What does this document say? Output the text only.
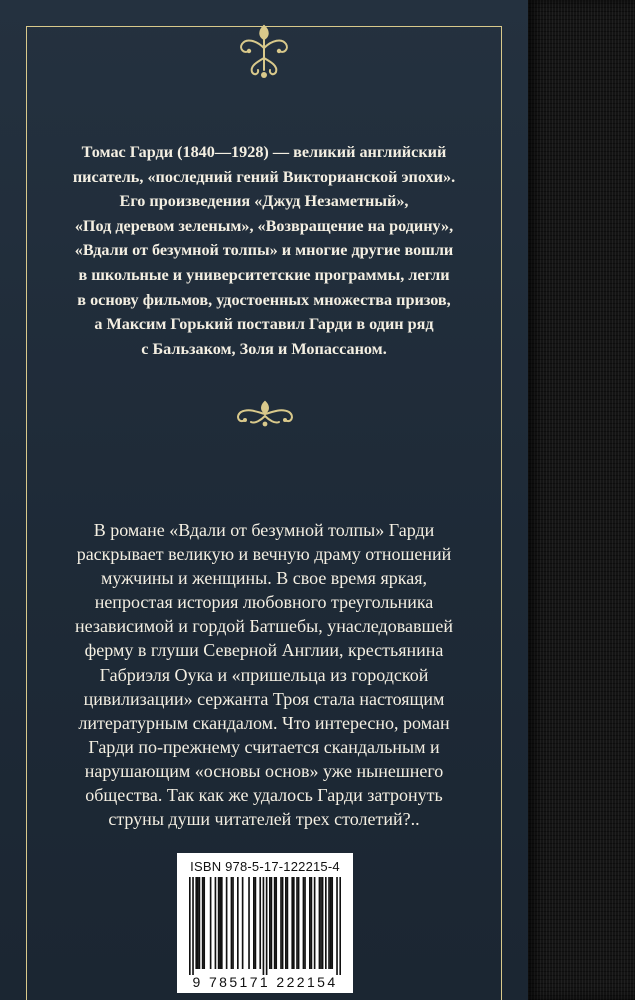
Томас Гарди (1840—1928) — великий английский
писатель, «последний гений Викторианской эпохи».
Его произведения «Джуд Незаметный»,
«Под деревом зеленым», «Возвращение на родину»,
«Вдали от безумной толпы» и многие другие вошли
в школьные и университетские программы, легли
в основу фильмов, удостоенных множества призов,
а Максим Горький поставил Гарди в один ряд
с Бальзаком, Золя и Мопассаном.

В романе «Вдали от безумной толпы» Гарди
раскрывает великую и вечную драму отношений
мужчины и женщины. В свое время яркая,
непростая история любовного треугольника
независимой и гордой Батшебы, унаследовавшей
ферму в глуши Северной Англии, крестьянина
Габриэля Оука и «пришельца из городской
цивилизации» сержанта Троя стала настоящим
литературным скандалом. Что интересно, роман
Гарди по-прежнему считается скандальным и
нарушающим «основы основ» уже нынешнего
общества. Так как же удалось Гарди затронуть
струны души читателей трех столетий?..

ISBN 978-5-17-122215-4
9 785171 222154
